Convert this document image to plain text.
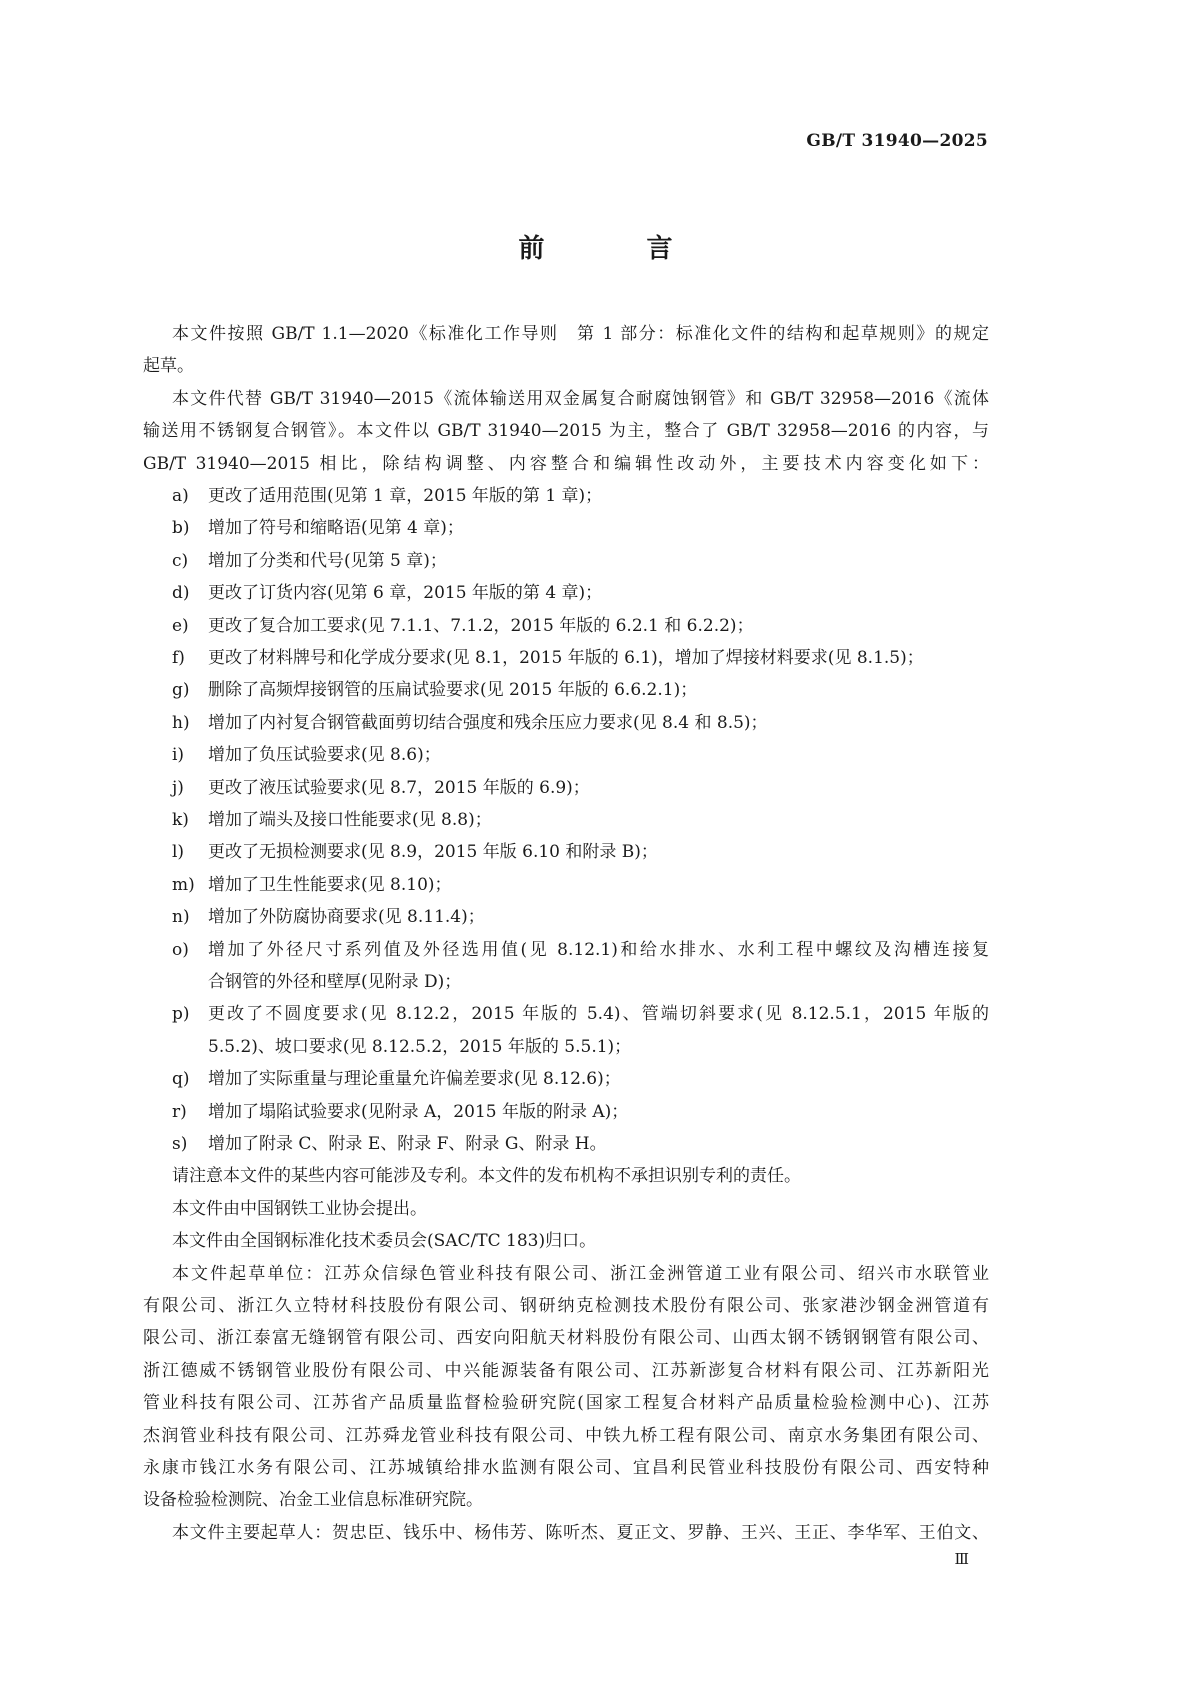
GB/T 31940—2025
前　言
本文件按照 GB/T 1.1—2020《标准化工作导则　第 1 部分：标准化文件的结构和起草规则》的规定
起草。
本文件代替 GB/T 31940—2015《流体输送用双金属复合耐腐蚀钢管》和 GB/T 32958—2016《流体
输送用不锈钢复合钢管》。本文件以 GB/T 31940—2015 为主，整合了 GB/T 32958—2016 的内容，与
GB/T 31940—2015 相比，除结构调整、内容整合和编辑性改动外，主要技术内容变化如下：
a)	更改了适用范围(见第 1 章，2015 年版的第 1 章)；
b)	增加了符号和缩略语(见第 4 章)；
c)	增加了分类和代号(见第 5 章)；
d)	更改了订货内容(见第 6 章，2015 年版的第 4 章)；
e)	更改了复合加工要求(见 7.1.1、7.1.2，2015 年版的 6.2.1 和 6.2.2)；
f)	更改了材料牌号和化学成分要求(见 8.1，2015 年版的 6.1)，增加了焊接材料要求(见 8.1.5)；
g)	删除了高频焊接钢管的压扁试验要求(见 2015 年版的 6.6.2.1)；
h)	增加了内衬复合钢管截面剪切结合强度和残余压应力要求(见 8.4 和 8.5)；
i)	增加了负压试验要求(见 8.6)；
j)	更改了液压试验要求(见 8.7，2015 年版的 6.9)；
k)	增加了端头及接口性能要求(见 8.8)；
l)	更改了无损检测要求(见 8.9，2015 年版 6.10 和附录 B)；
m) 增加了卫生性能要求(见 8.10)；
n)	增加了外防腐协商要求(见 8.11.4)；
o)	增加了外径尺寸系列值及外径选用值(见 8.12.1)和给水排水、水利工程中螺纹及沟槽连接复
合钢管的外径和壁厚(见附录 D)；
p)	更改了不圆度要求(见 8.12.2，2015 年版的 5.4)、管端切斜要求(见 8.12.5.1，2015 年版的
5.5.2)、坡口要求(见 8.12.5.2，2015 年版的 5.5.1)；
q)	增加了实际重量与理论重量允许偏差要求(见 8.12.6)；
r)	增加了塌陷试验要求(见附录 A，2015 年版的附录 A)；
s)	增加了附录 C、附录 E、附录 F、附录 G、附录 H。
请注意本文件的某些内容可能涉及专利。本文件的发布机构不承担识别专利的责任。
本文件由中国钢铁工业协会提出。
本文件由全国钢标准化技术委员会(SAC/TC 183)归口。
本文件起草单位：江苏众信绿色管业科技有限公司、浙江金洲管道工业有限公司、绍兴市水联管业
有限公司、浙江久立特材科技股份有限公司、钢研纳克检测技术股份有限公司、张家港沙钢金洲管道有
限公司、浙江泰富无缝钢管有限公司、西安向阳航天材料股份有限公司、山西太钢不锈钢钢管有限公司、
浙江德威不锈钢管业股份有限公司、中兴能源装备有限公司、江苏新澎复合材料有限公司、江苏新阳光
管业科技有限公司、江苏省产品质量监督检验研究院(国家工程复合材料产品质量检验检测中心)、江苏
杰润管业科技有限公司、江苏舜龙管业科技有限公司、中铁九桥工程有限公司、南京水务集团有限公司、
永康市钱江水务有限公司、江苏城镇给排水监测有限公司、宜昌利民管业科技股份有限公司、西安特种
设备检验检测院、冶金工业信息标准研究院。
本文件主要起草人：贺忠臣、钱乐中、杨伟芳、陈听杰、夏正文、罗静、王兴、王正、李华军、王伯文、
Ⅲ
